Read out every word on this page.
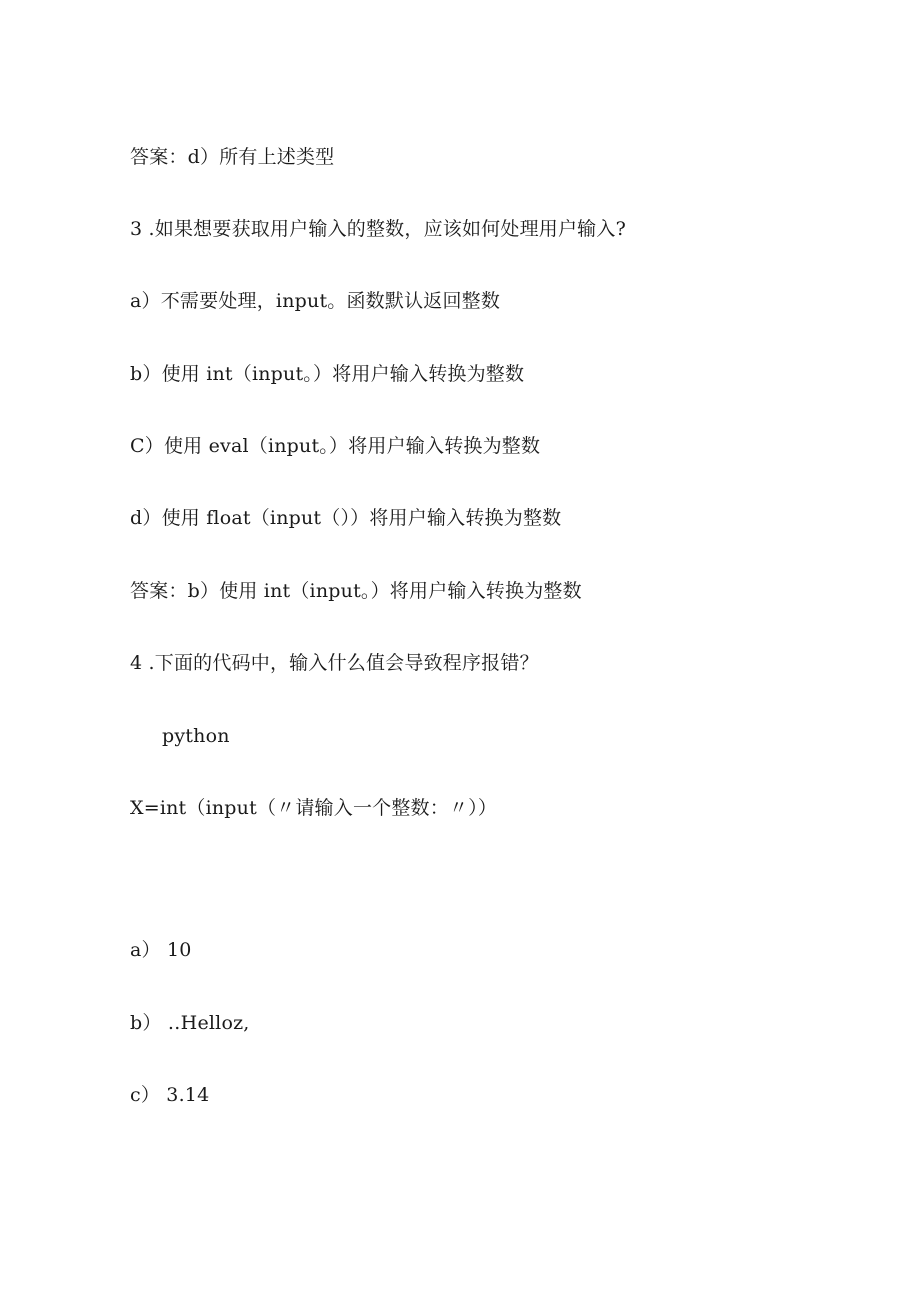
答案：d）所有上述类型
3 .如果想要获取用户输入的整数，应该如何处理用户输入?
a）不需要处理，input。函数默认返回整数
b）使用 int（input。）将用户输入转换为整数
C）使用 eval（input。）将用户输入转换为整数
d）使用 float（input（））将用户输入转换为整数
答案：b）使用 int（input。）将用户输入转换为整数
4 .下面的代码中，输入什么值会导致程序报错？
python
X=int（input（〃请输入一个整数：〃））
a） 10
b） ‥Helloz,
c） 3.14
